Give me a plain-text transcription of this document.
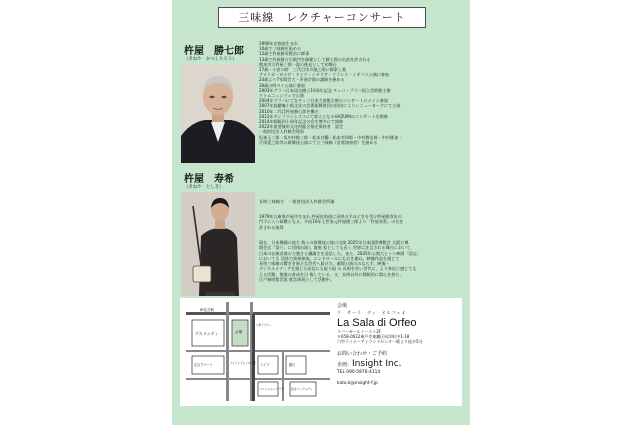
三味線　レクチャーコンサート
杵屋　勝七郎
（きねや　かつしちろう）
1990年京都府生まれ
10歳で三味線を始める
12歳で杵屋勝寿賢治に師事
13歳で杵屋勝吉右衛門を師範として勝七郎の名前を許される
熊本市立杵屋三郎一派の後見として初舞台
17歳・小倉の時　三代目市川猿之助に師事し賞
アメリカ・カナダ・ドイツ・イタリア・フランス・イギリス公演に参加
24歳より7年間芸大・声曲学園の講師を務める
30歳の時タイ公演に参加
2003年ブラハ日本国交樹立10周年記念 チェコ・プラハ国立美術館主催
リトムニュシツェで公演
2004年ブラハにて在チェコ日本大使館主催のコンサートにメイン参加
2007年寂聴庵十郎文化の芸術振興財団の招待によりレニューヨークにて公演
2010年二代目杵屋勝七郎を襲名
2012年サンフランシスコにて故人となるHAZUMIのコンサートを開催
2014年師範四十周年記念の会を博多にて開催
2022年重要無形文化財総合指定保持者　認定
一般財団法人杵勝会理事
坂東玉三郎・坂中村勘三郎・松本白鸚・松本幸四郎・中村梅治郎・中村雁雀・
片岡愛之助等の歌舞伎公演にて立三味線（首席演奏者）を務める
杵屋　寿希
（きねや　としき）
長唄三味線方　一般財団法人杵勝会所属
1979年兵庫県芦屋市生まれ 杵屋佐助道に長唄の手ほどきを受け杵屋勝寿治の
門下に入り研鑽となる。平成16年七世家元杵屋勝三郎より「杵屋寿希」の名を
許される取得
現在、日本舞踊の他方 数々の歌舞伎公演に出演 2025年日本国際博覧会 大阪万博
開会式「祭り」に団体出演し 演奏 家としても長く 世界に注目される舞台において、
日本の伝統音楽の力強さと繊細さを発信した。また、2025年公開大ヒット映画「国宝」
においても 団体で演奏参加。エンドロールにも名を連ね、映像作品を通じて
長唄三味線の響きを新たな世代へ届けた。劇場公演のみならず、映像・
デジタルメディアを通じた発信にも取り組 み 長唄を若い世代に、より身近に感じても
える活動。後進の育成を日 指している。又、長唄以外に積極的に関心を持ち、
江戸端唄紫雲流 紫雲胡胡として活動中。
JR住吉駅
グルメシティ	会場
住吉アパート	ライフ	銀行
ファッションプラザ 住吉パークシティ
六甲ライナー
アイランドセンター駅
会場
ラ　サーラ　ディ　オルフェオ
La Sala di Orfeo
リバーモールイースト2F
〒658-0032神戸市東灘区向洋町中1-18
六甲ライナーアイランドセンター駅より徒歩5分
お問い合わせ・ご予約
企画：Insight Inc.
TEL 090-5970-4114
kato.k@insight-f.jp
